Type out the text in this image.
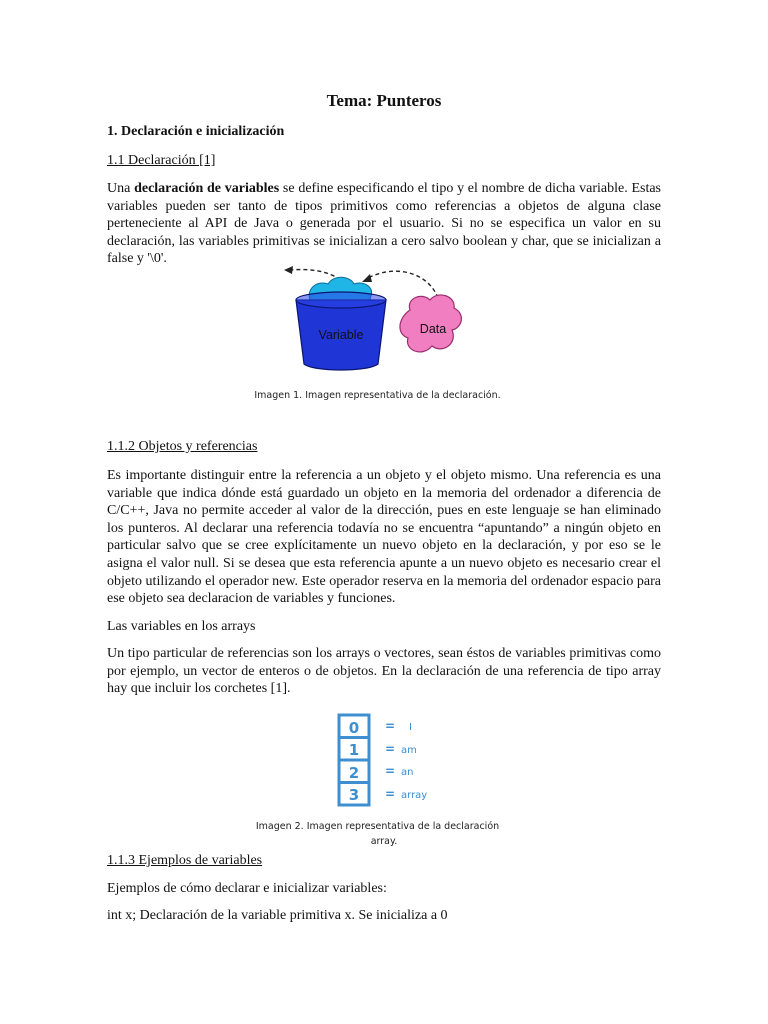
Tema: Punteros
1. Declaración e inicialización
1.1 Declaración [1]

Una declaración de variables se define especificando el tipo y el nombre de dicha variable. Estas variables pueden ser tanto de tipos primitivos como referencias a objetos de alguna clase perteneciente al API de Java o generada por el usuario. Si no se especifica un valor en su declaración, las variables primitivas se inicializan a cero salvo boolean y char, que se inicializan a false y '\0'.

Variable	Data
Imagen 1. Imagen representativa de la declaración.
1.1.2 Objetos y referencias

Es importante distinguir entre la referencia a un objeto y el objeto mismo. Una referencia es una variable que indica dónde está guardado un objeto en la memoria del ordenador a diferencia de C/C++, Java no permite acceder al valor de la dirección, pues en este lenguaje se han eliminado los punteros. Al declarar una referencia todavía no se encuentra “apuntando” a ningún objeto en particular salvo que se cree explícitamente un nuevo objeto en la declaración, y por eso se le asigna el valor null. Si se desea que esta referencia apunte a un nuevo objeto es necesario crear el objeto utilizando el operador new. Este operador reserva en la memoria del ordenador espacio para ese objeto sea declaracion de variables y funciones.

Las variables en los arrays

Un tipo particular de referencias son los arrays o vectores, sean éstos de variables primitivas como por ejemplo, un vector de enteros o de objetos. En la declaración de una referencia de tipo array hay que incluir los corchetes [1].

0
1
2
3
=
=
=
=
I
am
an
array
Imagen 2. Imagen representativa de la declaración
array.
1.1.3 Ejemplos de variables
Ejemplos de cómo declarar e inicializar variables:
int x; Declaración de la variable primitiva x. Se inicializa a 0
